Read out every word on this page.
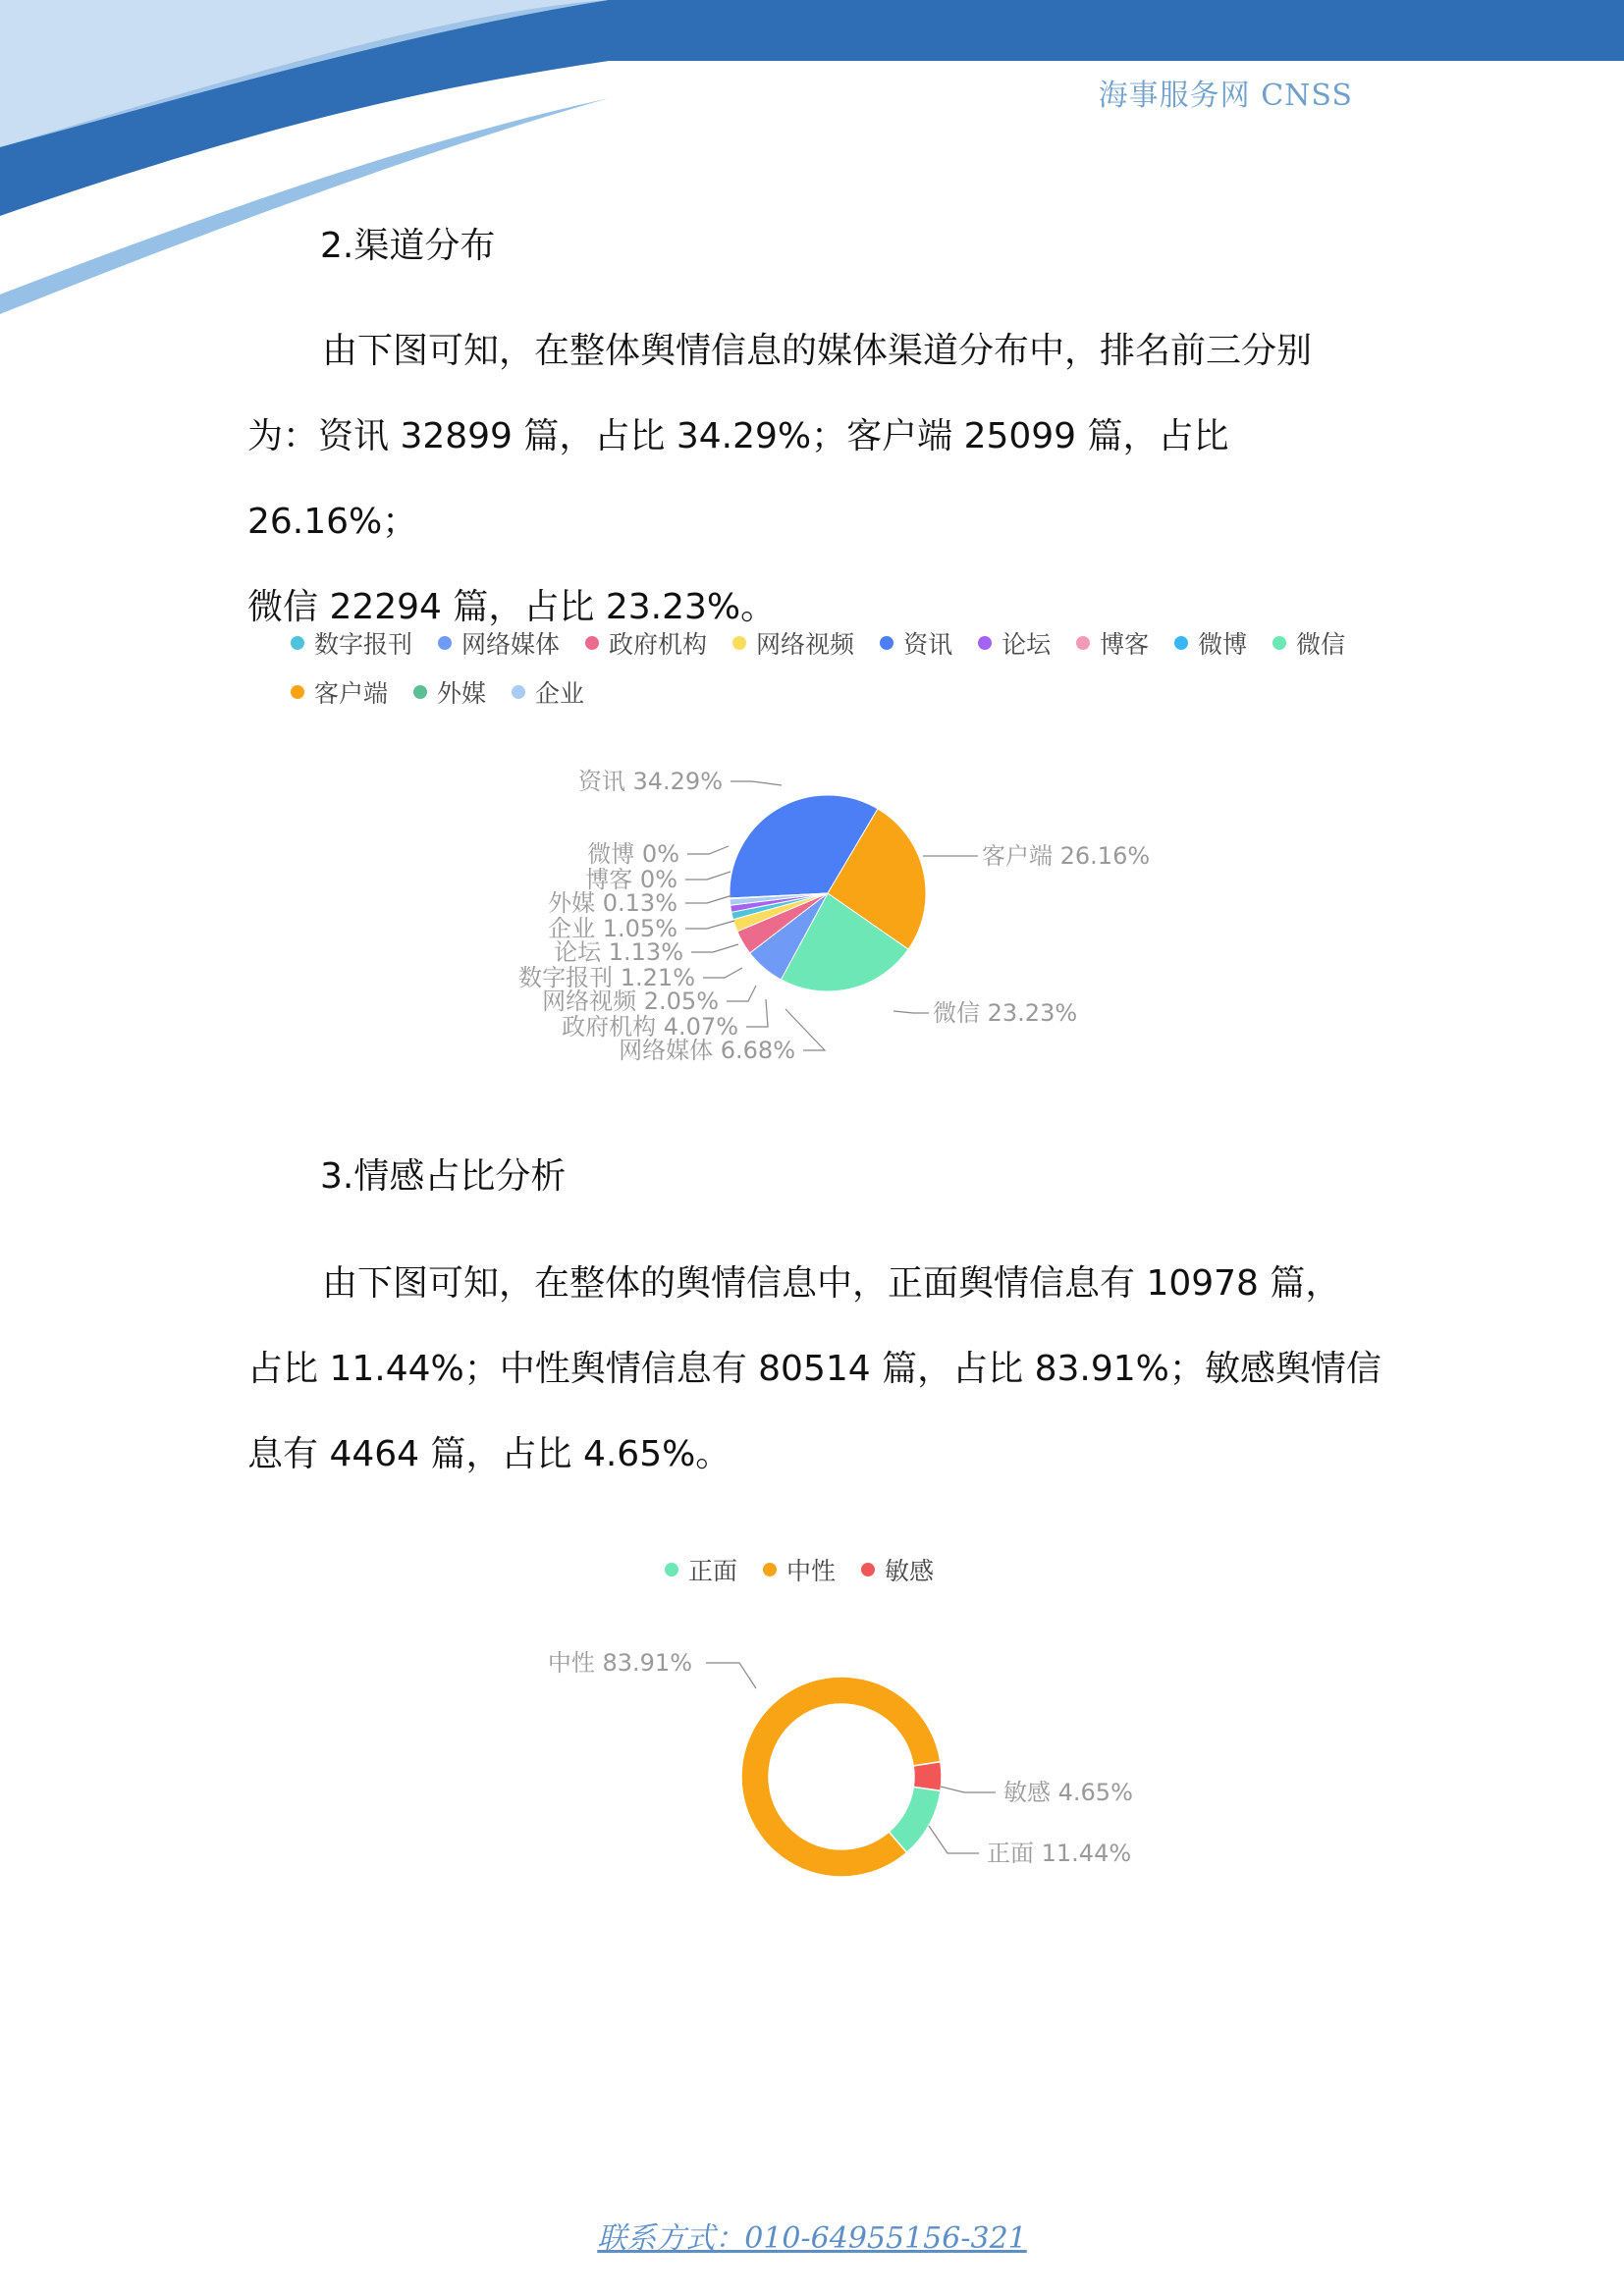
海事服务网 CNSS
2.渠道分布
由下图可知，在整体舆情信息的媒体渠道分布中，排名前三分别
为：资讯 32899 篇，占比 34.29%；客户端 25099 篇，占比 26.16%；
微信 22294 篇，占比 23.23%。
数字报刊 网络媒体 政府机构 网络视频 资讯 论坛 博客 微博 微信
客户端 外媒 企业
资讯 34.29%
客户端 26.16%
微信 23.23%
微博 0%
博客 0%
外媒 0.13%
企业 1.05%
论坛 1.13%
数字报刊 1.21%
网络视频 2.05%
政府机构 4.07%
网络媒体 6.68%
3.情感占比分析
由下图可知，在整体的舆情信息中，正面舆情信息有 10978 篇，
占比 11.44%；中性舆情信息有 80514 篇，占比 83.91%；敏感舆情信
息有 4464 篇，占比 4.65%。
正面 中性 敏感
中性 83.91%
敏感 4.65%
正面 11.44%
联系方式：010-64955156-321
